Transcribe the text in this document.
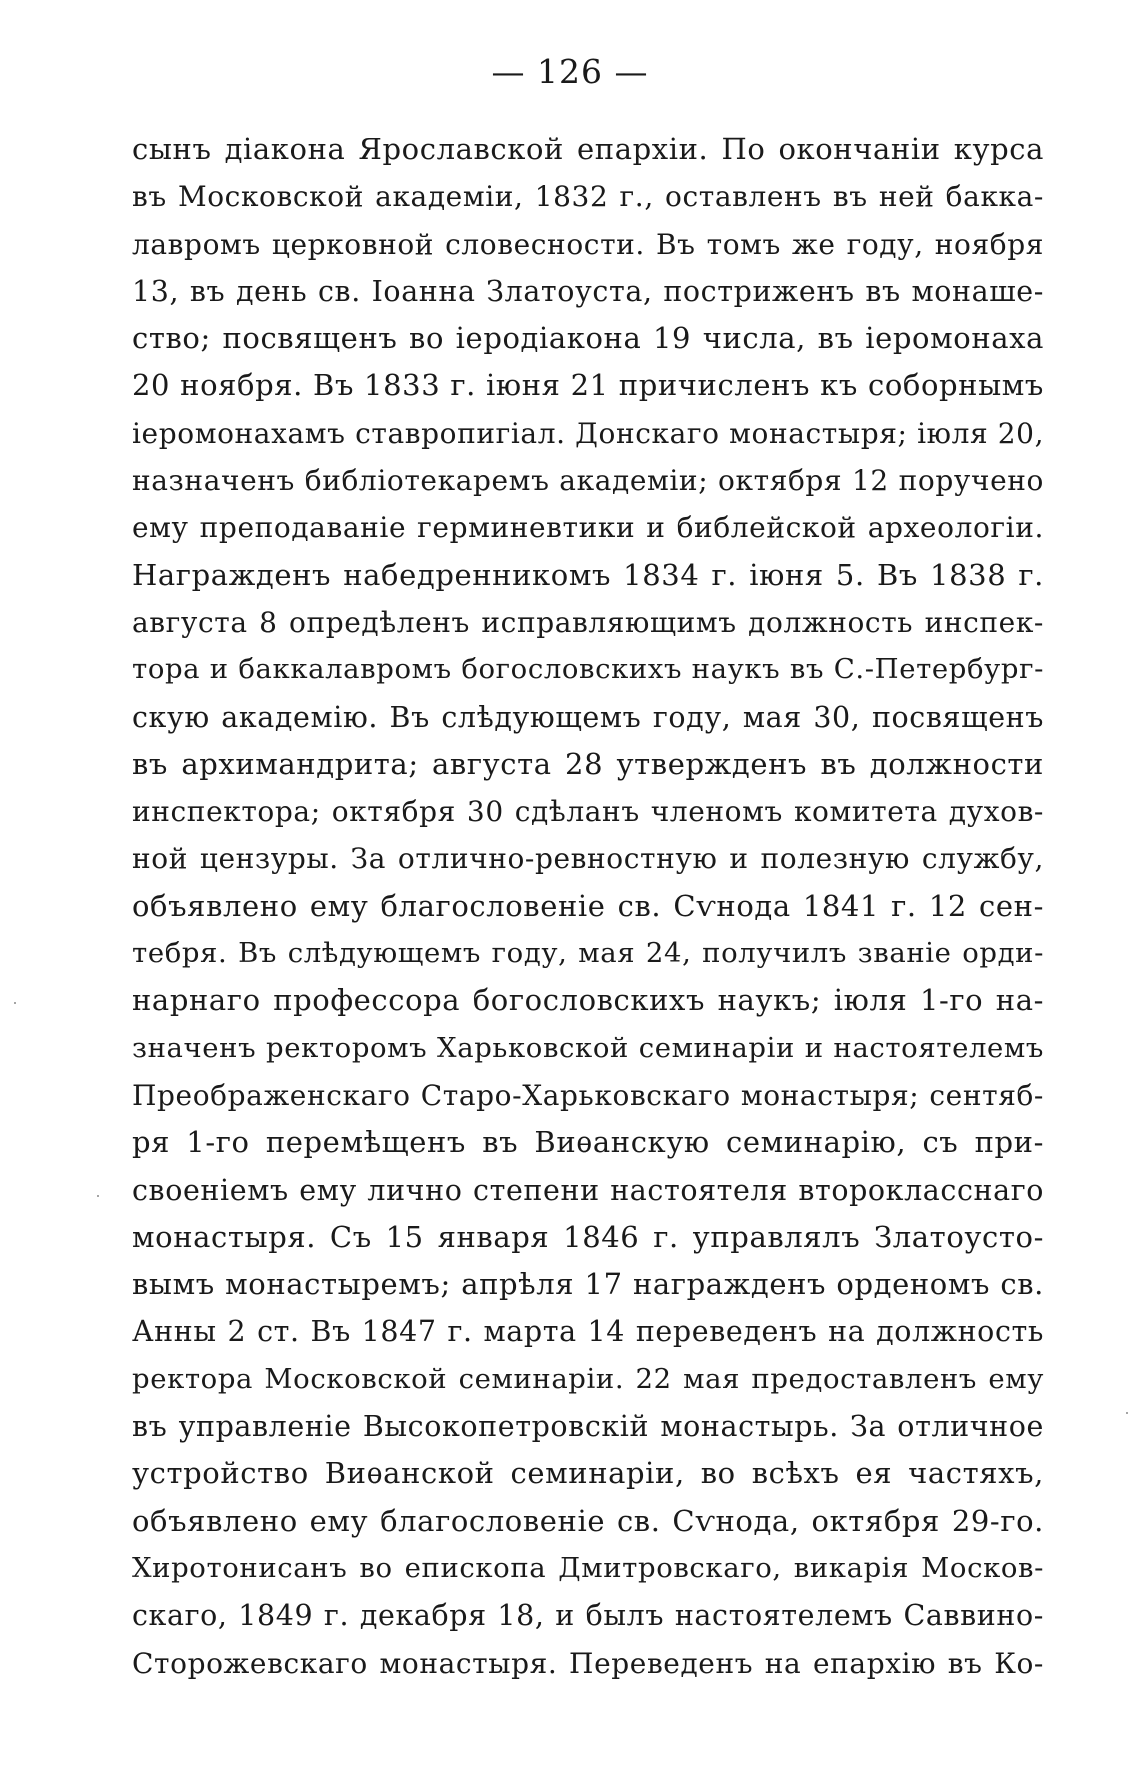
— 126 —
сынъ діакона Ярославской епархіи. По окончаніи курса
въ Московской академіи, 1832 г., оставленъ въ ней бакка-
лавромъ церковной словесности. Въ томъ же году, ноября
13, въ день св. Іоанна Златоуста, постриженъ въ монаше-
ство; посвященъ во іеродіакона 19 числа, въ іеромонаха
20 ноября. Въ 1833 г. іюня 21 причисленъ къ соборнымъ
іеромонахамъ ставропигіал. Донскаго монастыря; іюля 20,
назначенъ библіотекаремъ академіи; октября 12 поручено
ему преподаваніе герминевтики и библейской археологіи.
Награжденъ набедренникомъ 1834 г. іюня 5. Въ 1838 г.
августа 8 опредѣленъ исправляющимъ должность инспек-
тора и баккалавромъ богословскихъ наукъ въ С.-Петербург-
скую академію. Въ слѣдующемъ году, мая 30, посвященъ
въ архимандрита; августа 28 утвержденъ въ должности
инспектора; октября 30 сдѣланъ членомъ комитета духов-
ной цензуры. За отлично-ревностную и полезную службу,
объявлено ему благословеніе св. Сѵнода 1841 г. 12 сен-
тебря. Въ слѣдующемъ году, мая 24, получилъ званіе орди-
нарнаго профессора богословскихъ наукъ; іюля 1-го на-
значенъ ректоромъ Харьковской семинаріи и настоятелемъ
Преображенскаго Старо-Харьковскаго монастыря; сентяб-
ря 1-го перемѣщенъ въ Виѳанскую семинарію, съ при-
своеніемъ ему лично степени настоятеля второкласснаго
монастыря. Съ 15 января 1846 г. управлялъ Златоусто-
вымъ монастыремъ; апрѣля 17 награжденъ орденомъ св.
Анны 2 ст. Въ 1847 г. марта 14 переведенъ на должность
ректора Московской семинаріи. 22 мая предоставленъ ему
въ управленіе Высокопетровскій монастырь. За отличное
устройство Виѳанской семинаріи, во всѣхъ ея частяхъ,
объявлено ему благословеніе св. Сѵнода, октября 29-го.
Хиротонисанъ во епископа Дмитровскаго, викарія Москов-
скаго, 1849 г. декабря 18, и былъ настоятелемъ Саввино-
Сторожевскаго монастыря. Переведенъ на епархію въ Ко-
